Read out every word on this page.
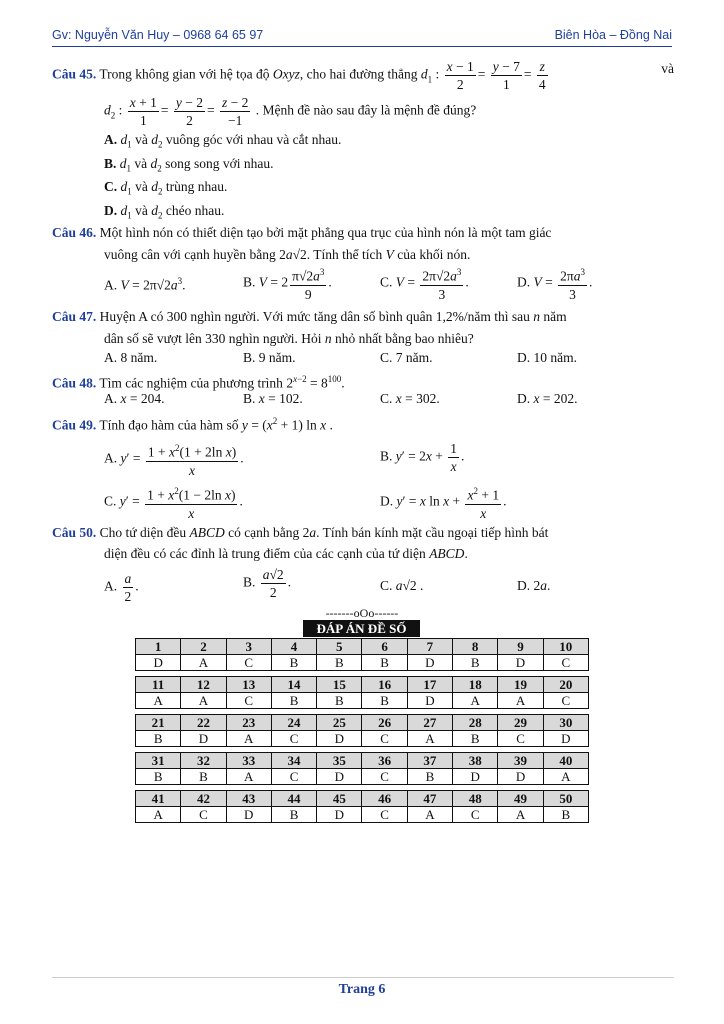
Gv: Nguyễn Văn Huy – 0968 64 65 97	Biên Hòa – Đồng Nai
Câu 45. Trong không gian với hệ tọa độ Oxyz, cho hai đường thẳng $d_1$ : $\frac{x - 1}{2} = \frac{y - 7}{1} = \frac{z}{4}$	và
$d_2$ : $\frac{x + 1}{1} = \frac{y - 2}{2} = \frac{z - 2}{-1}$ . Mệnh đề nào sau đây là mệnh đề đúng?
A. $d_1$ và $d_2$ vuông góc với nhau và cắt nhau.
B. $d_1$ và $d_2$ song song với nhau.
C. $d_1$ và $d_2$ trùng nhau.
D. $d_1$ và $d_2$ chéo nhau.
Câu 46. Một hình nón có thiết diện tạo bởi mặt phẳng qua trục của hình nón là một tam giác
vuông cân với cạnh huyền bằng 2a√2. Tính thể tích V của khối nón.
A. $V = 2\pi√2a^3$.	B. $V = 2 \frac{\pi√2a^3}{9}$ .	C. $V = \frac{2\pi√2a^3}{3}$ .	D. $V = \frac{2\pi a^3}{3}$ .
Câu 47. Huyện A có 300 nghìn người. Với mức tăng dân số bình quân 1,2%/năm thì sau n năm
dân số sẽ vượt lên 330 nghìn người. Hỏi n nhỏ nhất bằng bao nhiêu?
A. 8 năm.	B. 9 năm.	C. 7 năm.	D. 10 năm.
Câu 48. Tìm các nghiệm của phương trình $2^{x-2} = 8^{100}$.
A. x = 204.	B. x = 102.	C. x = 302.	D. x = 202.
Câu 49. Tính đạo hàm của hàm số $y = (x^2 + 1)$ ln x .
A. $y' = \frac{1 + x^2(1 + 2\ln x)}{x}$ .	B. $y' = 2x + \frac{1}{x}$ .
C. $y' = \frac{1 + x^2(1 - 2\ln x)}{x}$ .	D. y′ = x $\ln x + \frac{x^2 + 1}{x}$ .
Câu 50. Cho tứ diện đều ABCD có cạnh bằng 2a. Tính bán kính mặt cầu ngoại tiếp hình bát
diện đều có các đỉnh là trung điểm của các cạnh của tứ diện ABCD.
A. $\frac{a}{2}$ .	B. $\frac{a√2}{2}$ .	C. a√2 .	D. 2a.
-------oOo------
ĐÁP ÁN ĐỀ SỐ
1	2	3	4	5	6	7	8	9	10
D	A	C	B	B	B	D	B	D	C
11	12	13	14	15	16	17	18	19	20
A	A	C	B	B	B	D	A	A	C
21	22	23	24	25	26	27	28	29	30
B	D	A	C	D	C	A	B	C	D
31	32	33	34	35	36	37	38	39	40
B	B	A	C	D	C	B	D	D	A
41	42	43	44	45	46	47	48	49	50
A	C	D	B	D	C	A	C	A	B
Trang 6
